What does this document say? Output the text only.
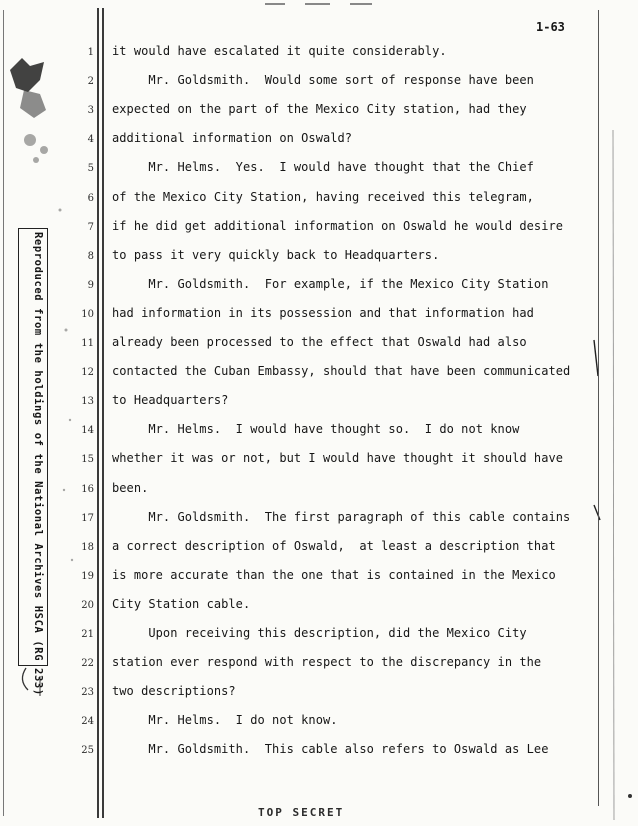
1-63
Reproduced from the holdings of the National Archives HSCA (RG 233)
1 it would have escalated it quite considerably.
2 Mr. Goldsmith.  Would some sort of response have been
3 expected on the part of the Mexico City station, had they
4 additional information on Oswald?
5 Mr. Helms.  Yes.  I would have thought that the Chief
6 of the Mexico City Station, having received this telegram,
7 if he did get additional information on Oswald he would desire
8 to pass it very quickly back to Headquarters.
9 Mr. Goldsmith.  For example, if the Mexico City Station
10 had information in its possession and that information had
11 already been processed to the effect that Oswald had also
12 contacted the Cuban Embassy, should that have been communicated
13 to Headquarters?
14 Mr. Helms.  I would have thought so.  I do not know
15 whether it was or not, but I would have thought it should have
16 been.
17 Mr. Goldsmith.  The first paragraph of this cable contains
18 a correct description of Oswald,  at least a description that
19 is more accurate than the one that is contained in the Mexico
20 City Station cable.
21 Upon receiving this description, did the Mexico City
22 station ever respond with respect to the discrepancy in the
23 two descriptions?
24 Mr. Helms.  I do not know.
25 Mr. Goldsmith.  This cable also refers to Oswald as Lee
TOP SECRET
